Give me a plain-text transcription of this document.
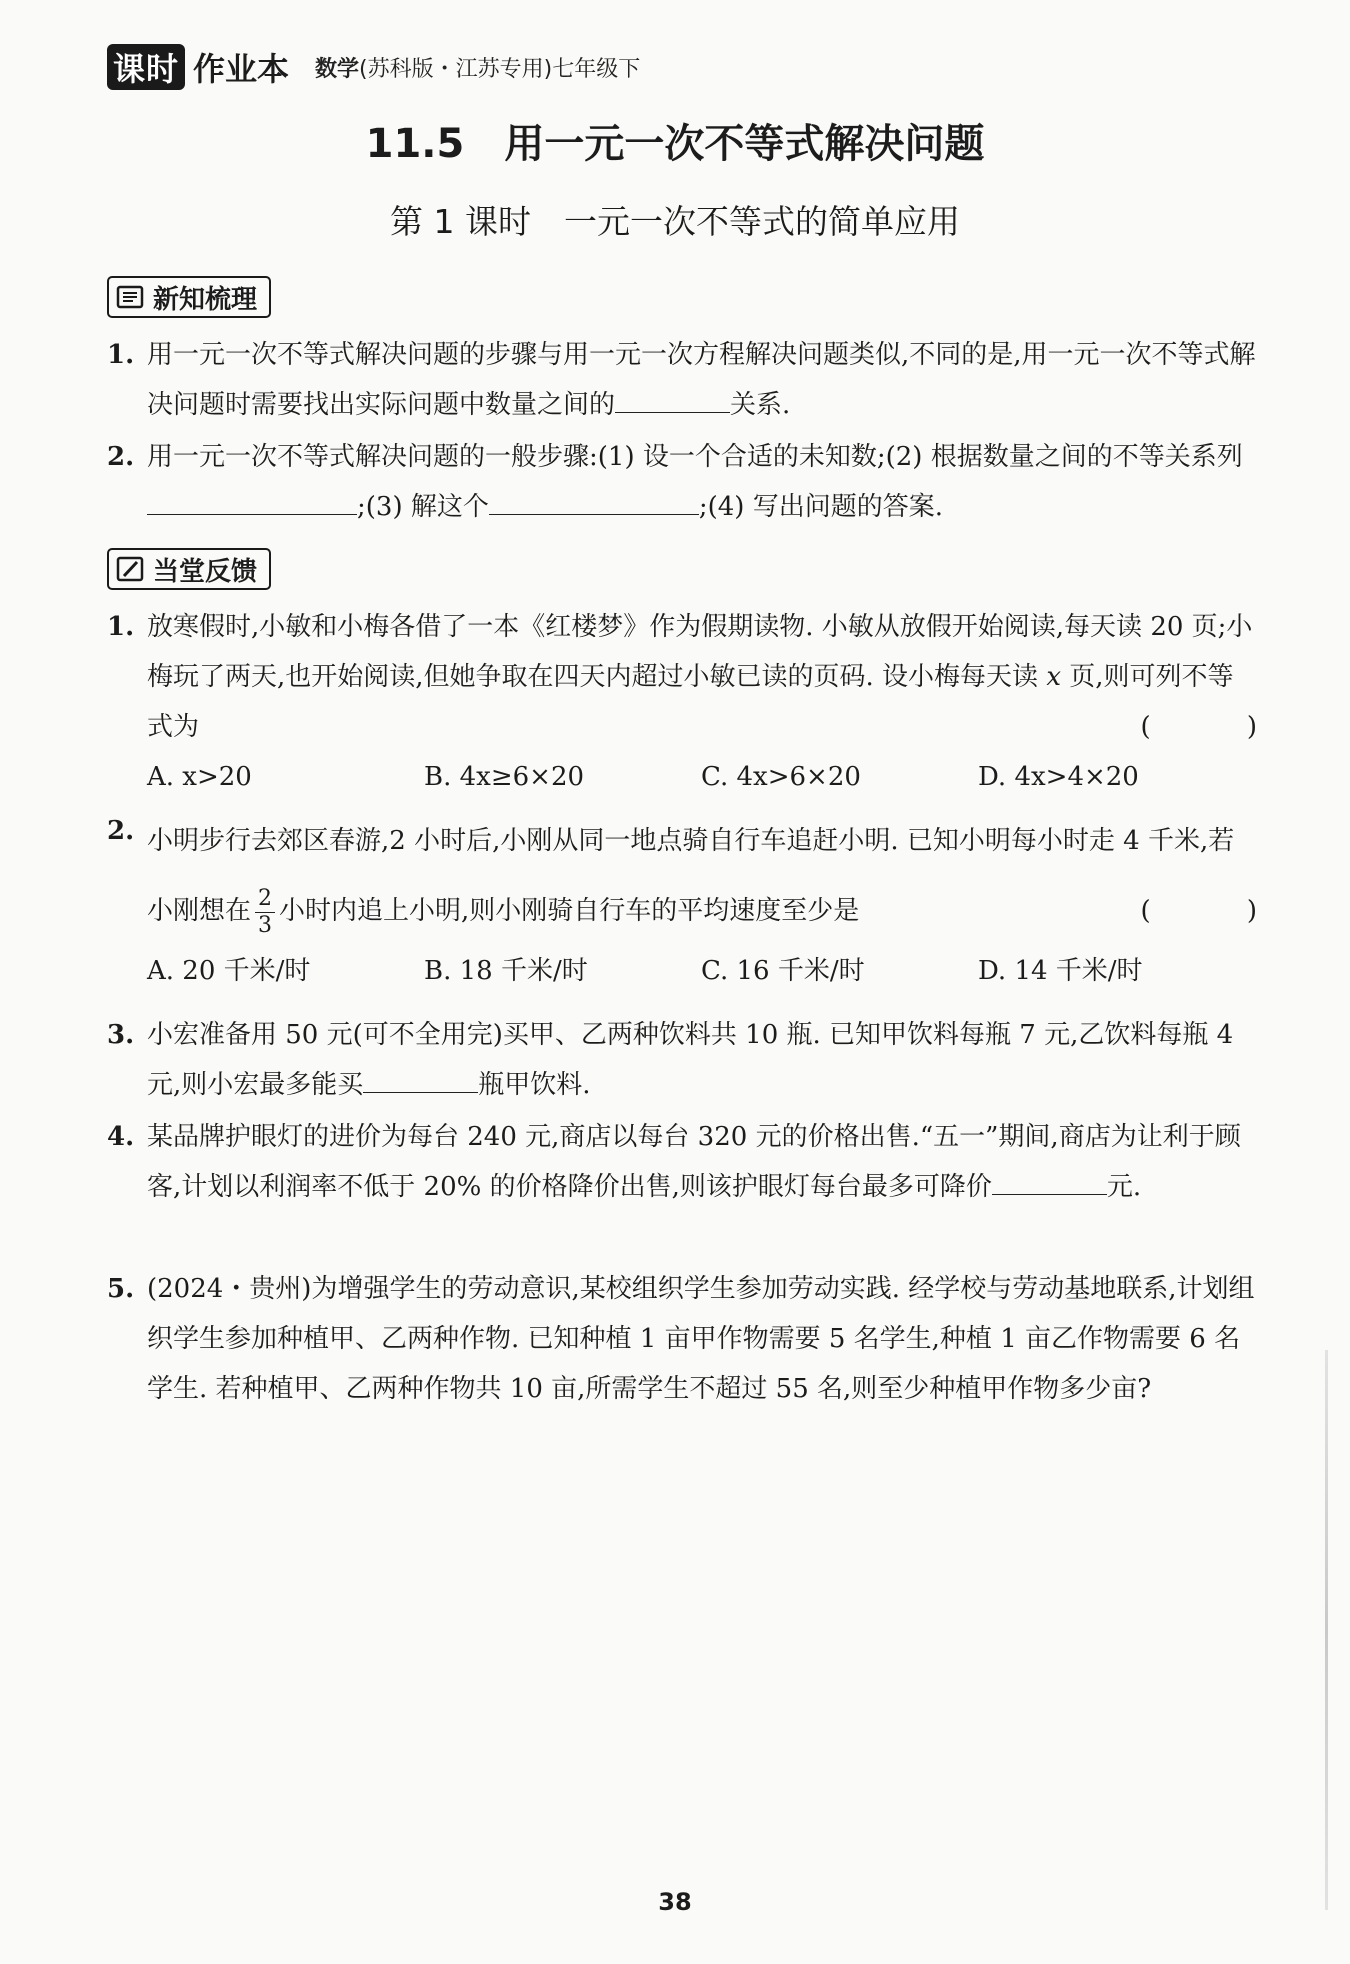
课时 作业本 数学(苏科版・江苏专用)七年级下
11.5　用一元一次不等式解决问题
第 1 课时　一元一次不等式的简单应用
新知梳理
1. 用一元一次不等式解决问题的步骤与用一元一次方程解决问题类似,不同的是,用一元一次不等式解决问题时需要找出实际问题中数量之间的	关系.
2. 用一元一次不等式解决问题的一般步骤:(1) 设一个合适的未知数;(2) 根据数量之间的不等关系列;(3) 解这个	;(4) 写出问题的答案.
当堂反馈
1. 放寒假时,小敏和小梅各借了一本《红楼梦》作为假期读物. 小敏从放假开始阅读,每天读 20 页;小梅玩了两天,也开始阅读,但她争取在四天内超过小敏已读的页码. 设小梅每天读 x 页,则可列不等式为	( )
A. x>20	B. 4x≥6×20	C. 4x>6×20	D. 4x>4×20
2. 小明步行去郊区春游,2 小时后,小刚从同一地点骑自行车追赶小明. 已知小明每小时走 4 千米,若小刚想在 $\frac{2}{3}$ 小时内追上小明,则小刚骑自行车的平均速度至少是	( )
A. 20 千米/时	B. 18 千米/时	C. 16 千米/时	D. 14 千米/时
3. 小宏准备用 50 元(可不全用完)买甲、乙两种饮料共 10 瓶. 已知甲饮料每瓶 7 元,乙饮料每瓶 4 元,则小宏最多能买	瓶甲饮料.
4. 某品牌护眼灯的进价为每台 240 元,商店以每台 320 元的价格出售.“五一”期间,商店为让利于顾客,计划以利润率不低于 20% 的价格降价出售,则该护眼灯每台最多可降价	元.
5. (2024・贵州)为增强学生的劳动意识,某校组织学生参加劳动实践. 经学校与劳动基地联系,计划组织学生参加种植甲、乙两种作物. 已知种植 1 亩甲作物需要 5 名学生,种植 1 亩乙作物需要 6 名学生. 若种植甲、乙两种作物共 10 亩,所需学生不超过 55 名,则至少种植甲作物多少亩?
38
